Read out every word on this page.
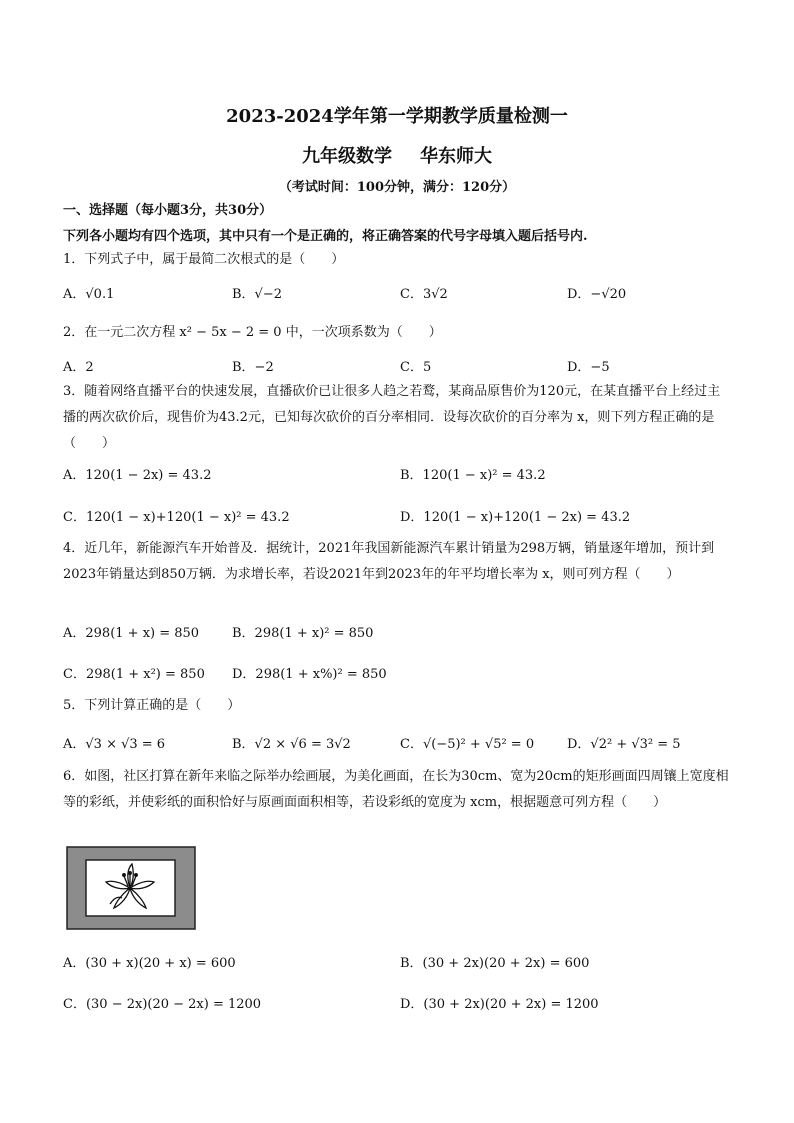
2023-2024学年第一学期教学质量检测一
九年级数学 华东师大
（考试时间：100分钟，满分：120分）
一、选择题（每小题3分，共30分）
下列各小题均有四个选项，其中只有一个是正确的，将正确答案的代号字母填入题后括号内.
1．下列式子中，属于最简二次根式的是（　　）
A．√0.1	B．√−2	C．3√2	D．−√20
2．在一元二次方程 x² − 5x − 2 = 0 中，一次项系数为（　　）
A．2	B．−2	C．5	D．−5
3．随着网络直播平台的快速发展，直播砍价已让很多人趋之若鹜，某商品原售价为120元，在某直播平台上经过主播的两次砍价后，现售价为43.2元，已知每次砍价的百分率相同．设每次砍价的百分率为 x，则下列方程正确的是（　　）
A．120(1 − 2x) = 43.2	B．120(1 − x)² = 43.2
C．120(1 − x)+120(1 − x)² = 43.2	D．120(1 − x)+120(1 − 2x) = 43.2
4．近几年，新能源汽车开始普及．据统计，2021年我国新能源汽车累计销量为298万辆，销量逐年增加，预计到2023年销量达到850万辆．为求增长率，若设2021年到2023年的年平均增长率为 x，则可列方程（　　）
A．298(1 + x) = 850	B．298(1 + x)² = 850
C．298(1 + x²) = 850 D．298(1 + x%)² = 850
5．下列计算正确的是（　　）
A．√3 × √3 = 6	B．√2 × √6 = 3√2	C．√(−5)² + √5² = 0	D．√2² + √3² = 5
6．如图，社区打算在新年来临之际举办绘画展，为美化画面，在长为30cm、宽为20cm的矩形画面四周镶上宽度相等的彩纸，并使彩纸的面积恰好与原画面面积相等，若设彩纸的宽度为 xcm，根据题意可列方程（　　）
A．(30 + x)(20 + x) = 600	B．(30 + 2x)(20 + 2x) = 600
C．(30 − 2x)(20 − 2x) = 1200	D．(30 + 2x)(20 + 2x) = 1200
